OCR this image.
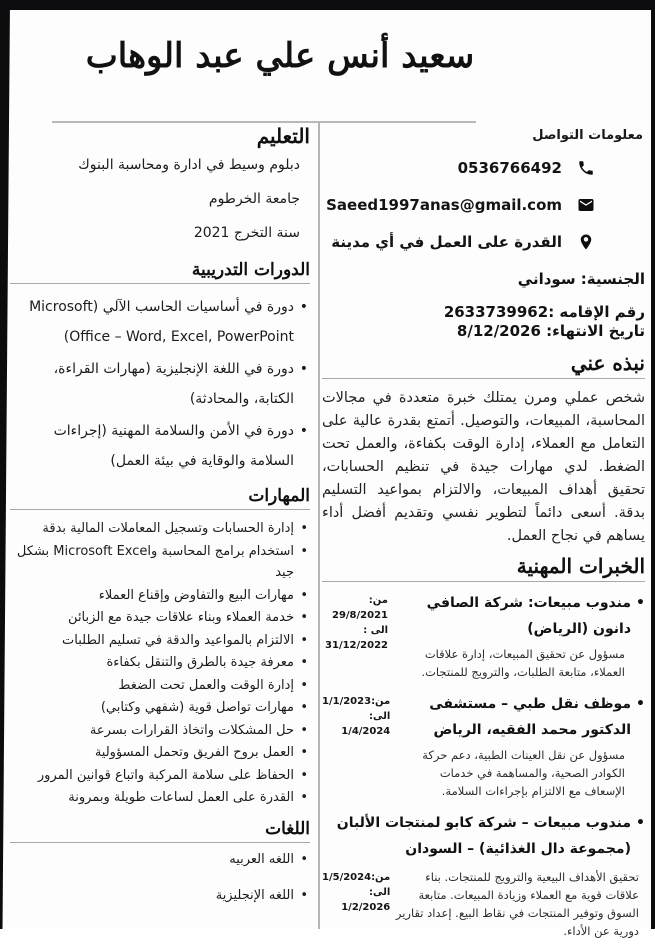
سعيد أنس علي عبد الوهاب
التعليم
دبلوم وسيط في ادارة ومحاسبة البنوك
جامعة الخرطوم
سنة التخرج 2021
الدورات التدريبية
• دورة في أساسيات الحاسب الآلي (Microsoft Office – Word, Excel, PowerPoint)
• دورة في اللغة الإنجليزية (مهارات القراءة، الكتابة، والمحادثة)
• دورة في الأمن والسلامة المهنية (إجراءات السلامة والوقاية في بيئة العمل)
المهارات
• إدارة الحسابات وتسجيل المعاملات المالية بدقة
• استخدام برامج المحاسبة وMicrosoft Excel بشكل جيد
• مهارات البيع والتفاوض وإقناع العملاء
• خدمة العملاء وبناء علاقات جيدة مع الزبائن
• الالتزام بالمواعيد والدقة في تسليم الطلبات
• معرفة جيدة بالطرق والتنقل بكفاءة
• إدارة الوقت والعمل تحت الضغط
• مهارات تواصل قوية (شفهي وكتابي)
• حل المشكلات واتخاذ القرارات بسرعة
• العمل بروح الفريق وتحمل المسؤولية
• الحفاظ على سلامة المركبة واتباع قوانين المرور
• القدرة على العمل لساعات طويلة وبمرونة
اللغات
• اللغه العربيه
• اللغه الإنجليزية
معلومات التواصل
0536766492
Saeed1997anas@gmail.com
القدرة على العمل في أي مدينة
الجنسية: سوداني
رقم الإقامه :2633739962
تاريخ الانتهاء: 8/12/2026
نبذه عني

شخص عملي ومرن يمتلك خبرة متعددة في مجالات المحاسبة، المبيعات، والتوصيل. أتمتع بقدرة عالية على التعامل مع العملاء، إدارة الوقت بكفاءة، والعمل تحت الضغط. لدي مهارات جيدة في تنظيم الحسابات، تحقيق أهداف المبيعات، والالتزام بمواعيد التسليم بدقة. أسعى دائماً لتطوير نفسي وتقديم أفضل أداء يساهم في نجاح العمل.

الخبرات المهنية
• مندوب مبيعات: شركة الصافي دانون (الرياض)
مسؤول عن تحقيق المبيعات، إدارة علاقات العملاء، متابعة الطلبات، والترويج للمنتجات.
من: 29/8/2021
الى : 31/12/2022
• موظف نقل طبي – مستشفى الدكتور محمد الفقيه، الرياض
مسؤول عن نقل العينات الطبية، دعم حركة الكوادر الصحية، والمساهمة في خدمات الإسعاف مع الالتزام بإجراءات السلامة.
من:1/1/2023
الى: 1/4/2024
• مندوب مبيعات – شركة كابو لمنتجات الألبان (مجموعة دال الغذائية) – السودان
تحقيق الأهداف البيعية والترويج للمنتجات. بناء علاقات قوية مع العملاء وزيادة المبيعات. متابعة السوق وتوفير المنتجات في نقاط البيع. إعداد تقارير دورية عن الأداء.
من:1/5/2024
الى: 1/2/2026
